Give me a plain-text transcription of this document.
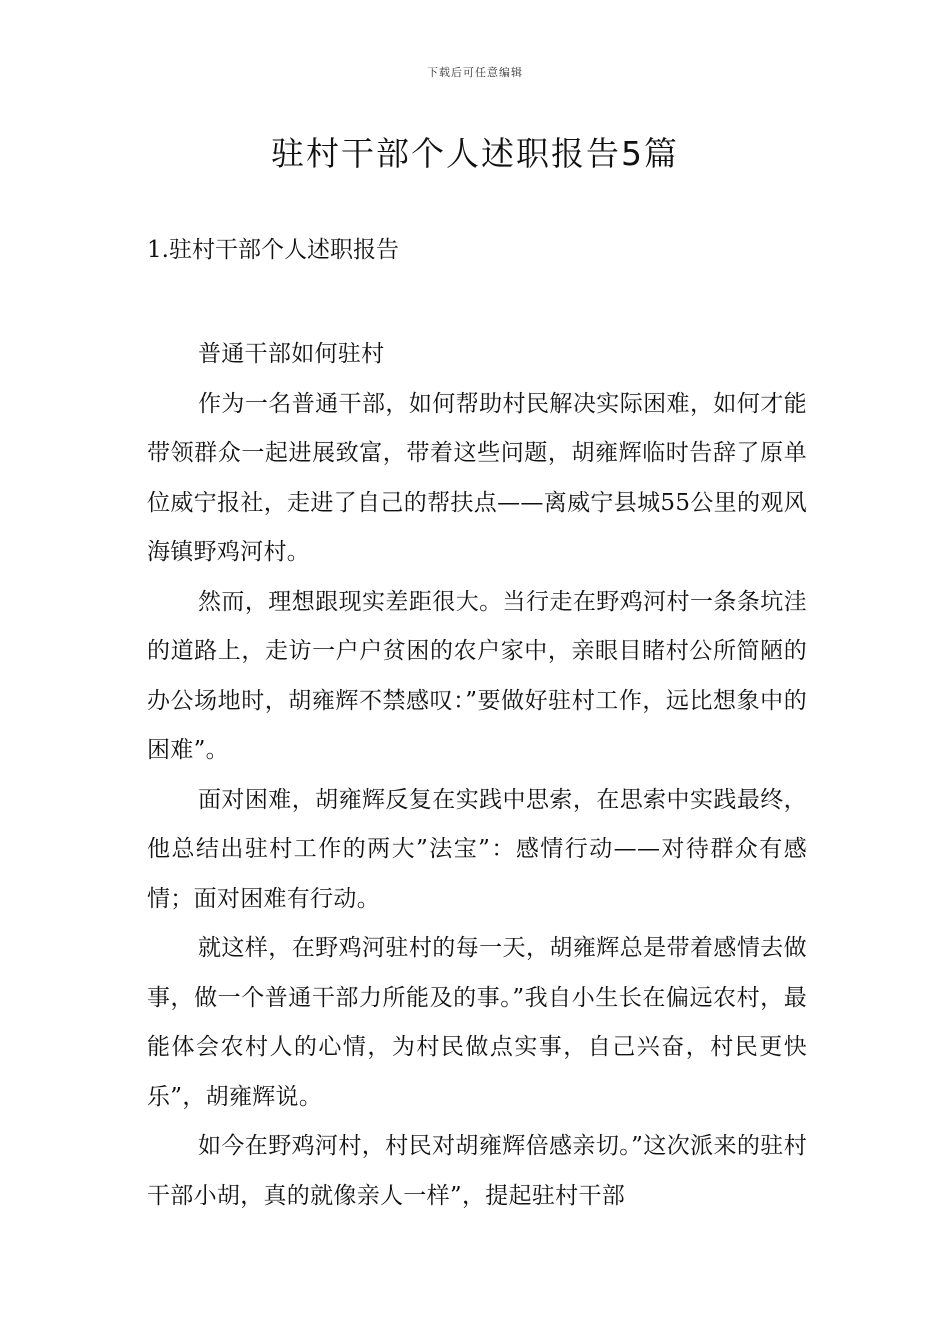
下载后可任意编辑
驻村干部个人述职报告5篇
1.驻村干部个人述职报告

普通干部如何驻村

作为一名普通干部，如何帮助村民解决实际困难，如何才能带领群众一起进展致富，带着这些问题，胡雍辉临时告辞了原单位威宁报社，走进了自己的帮扶点——离威宁县城55公里的观风海镇野鸡河村。

然而，理想跟现实差距很大。当行走在野鸡河村一条条坑洼的道路上，走访一户户贫困的农户家中，亲眼目睹村公所简陋的办公场地时，胡雍辉不禁感叹：”要做好驻村工作，远比想象中的困难”。

面对困难，胡雍辉反复在实践中思索，在思索中实践最终，他总结出驻村工作的两大”法宝”：感情行动——对待群众有感情；面对困难有行动。

就这样，在野鸡河驻村的每一天，胡雍辉总是带着感情去做事，做一个普通干部力所能及的事。”我自小生长在偏远农村，最能体会农村人的心情，为村民做点实事，自己兴奋，村民更快乐”，胡雍辉说。

如今在野鸡河村，村民对胡雍辉倍感亲切。”这次派来的驻村干部小胡，真的就像亲人一样”，提起驻村干部
